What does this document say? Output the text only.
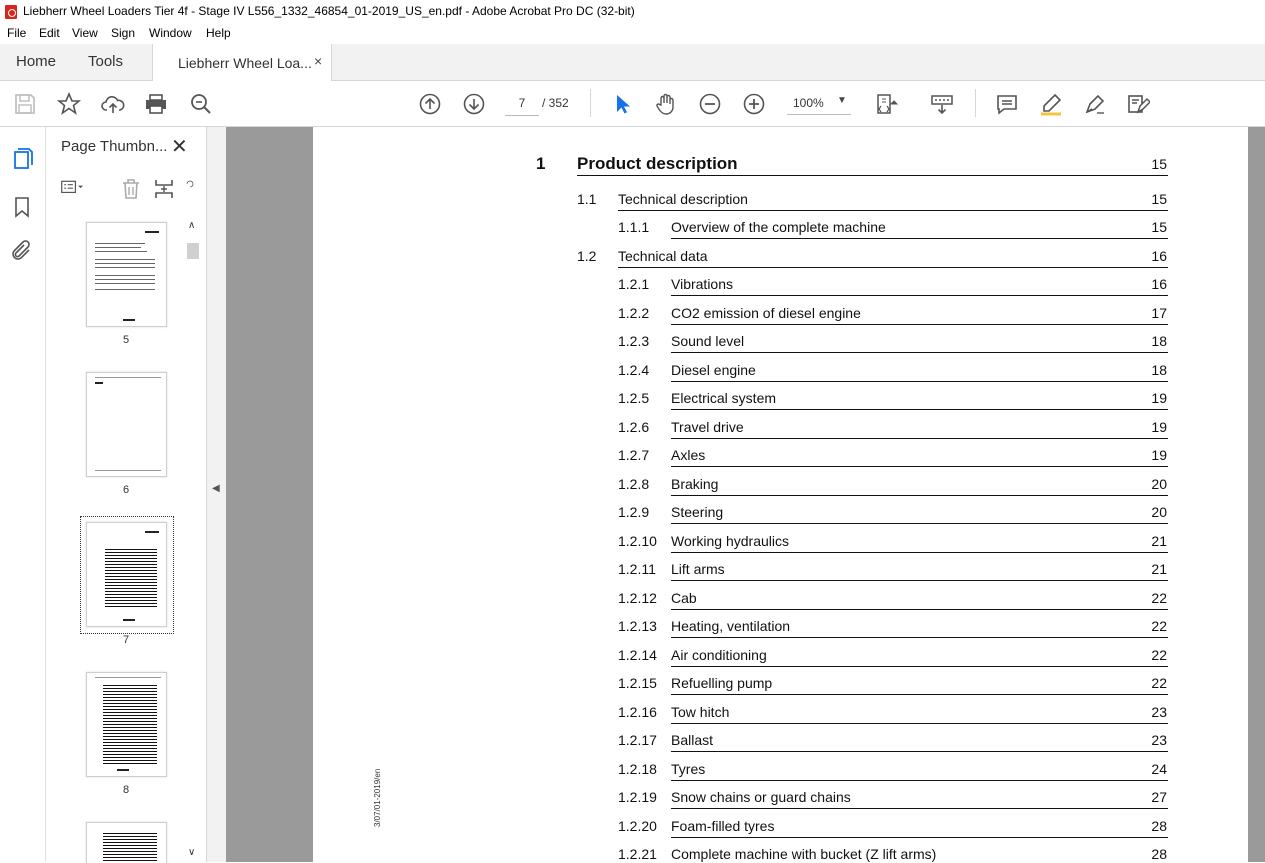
Liebherr Wheel Loaders Tier 4f - Stage IV L556_1332_46854_01-2019_US_en.pdf - Adobe Acrobat Pro DC (32-bit)
File Edit View Sign Window Help
Home Tools	Liebherr Wheel Loa... ×
7
/ 352	100% ▼
Page Thumbn... ✕
5
6
7
8
∧
∨
◀
3/07/01-2019/en
1 Product description	15
1.1 Technical description	15
1.1.1 Overview of the complete machine	15
1.2 Technical data	16
1.2.1 Vibrations	16
1.2.2 CO2 emission of diesel engine	17
1.2.3 Sound level	18
1.2.4 Diesel engine	18
1.2.5 Electrical system	19
1.2.6 Travel drive	19
1.2.7 Axles	19
1.2.8 Braking	20
1.2.9 Steering	20
1.2.10 Working hydraulics	21
1.2.11 Lift arms	21
1.2.12 Cab	22
1.2.13 Heating, ventilation	22
1.2.14 Air conditioning	22
1.2.15 Refuelling pump	22
1.2.16 Tow hitch	23
1.2.17 Ballast	23
1.2.18 Tyres	24
1.2.19 Snow chains or guard chains	27
1.2.20 Foam-filled tyres	28
1.2.21 Complete machine with bucket (Z lift arms)	28
